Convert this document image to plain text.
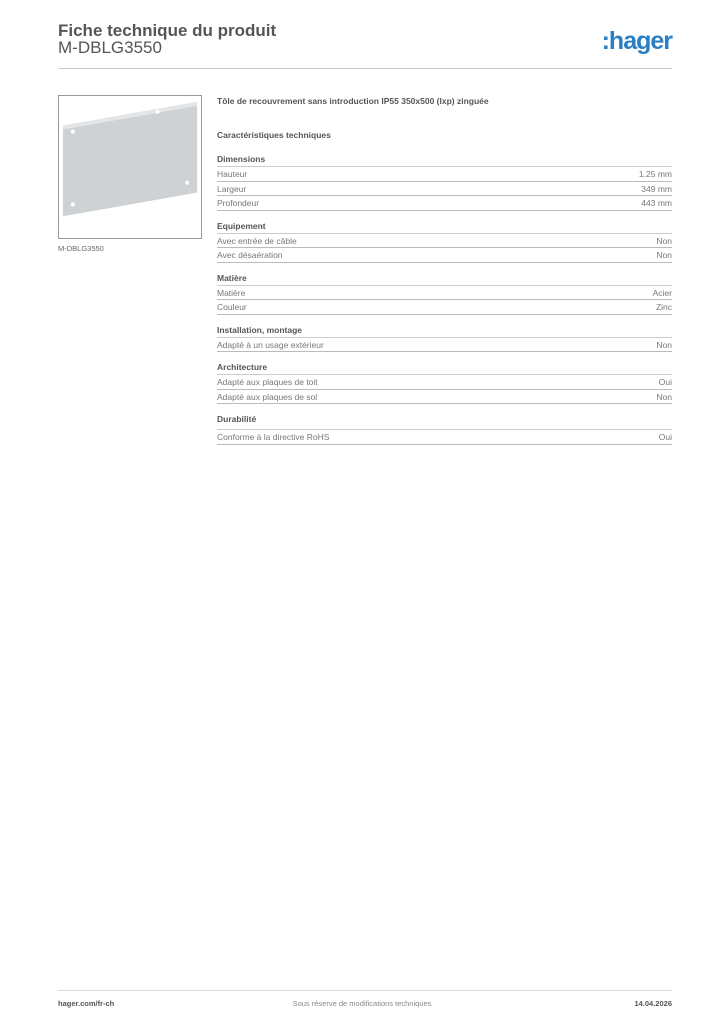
Fiche technique du produit
M-DBLG3550	:hager
M-DBLG3550
Tôle de recouvrement sans introduction IP55 350x500 (lxp) zinguée
Caractéristiques techniques
Dimensions
Hauteur	1.25 mm
Largeur	349 mm
Profondeur	443 mm
Equipement
Avec entrée de câble	Non
Avec désaération	Non
Matière
Matière	Acier
Couleur	Zinc
Installation, montage
Adapté à un usage extérieur	Non
Architecture
Adapté aux plaques de toit	Oui
Adapté aux plaques de sol	Non
Durabilité
Conforme à la directive RoHS	Oui
hager.com/fr-ch	Sous réserve de modifications techniques	14.04.2026
